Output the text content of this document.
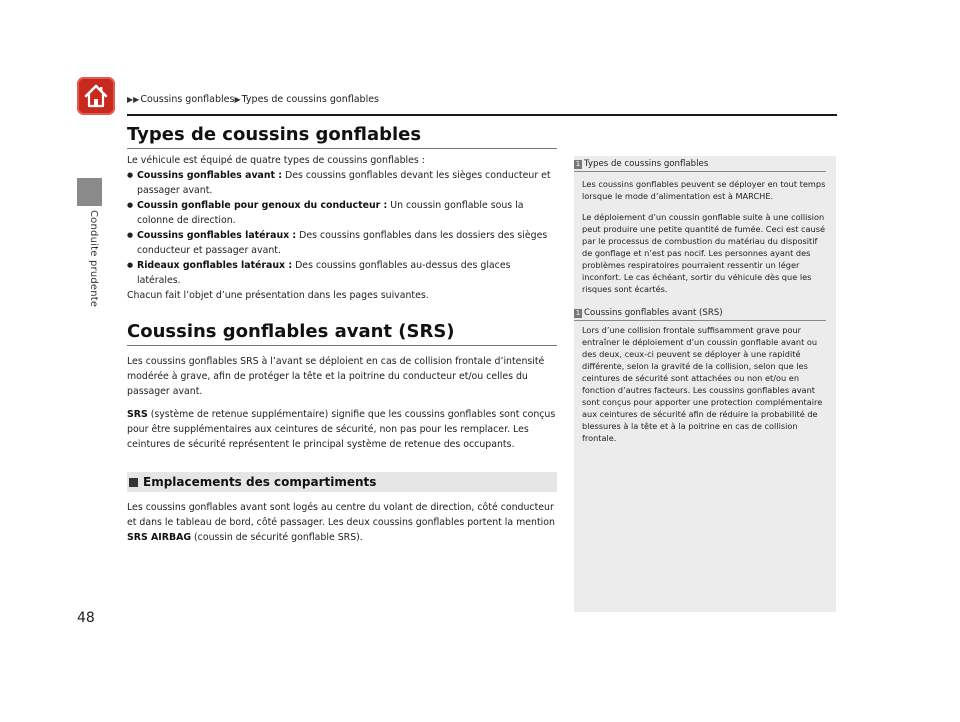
Conduite prudente
▶▶ Coussins gonflables ▶ Types de coussins gonflables
Types de coussins gonflables

Le véhicule est équipé de quatre types de coussins gonflables :

● Coussins gonflables avant : Des coussins gonflables devant les sièges conducteur et passager avant.
● Coussin gonflable pour genoux du conducteur : Un coussin gonflable sous la colonne de direction.
● Coussins gonflables latéraux : Des coussins gonflables dans les dossiers des sièges conducteur et passager avant.
● Rideaux gonflables latéraux : Des coussins gonflables au-dessus des glaces latérales.

Chacun fait l’objet d’une présentation dans les pages suivantes.

Coussins gonflables avant (SRS)

Les coussins gonflables SRS à l’avant se déploient en cas de collision frontale d’intensité modérée à grave, afin de protéger la tête et la poitrine du conducteur et/ou celles du passager avant.

SRS (système de retenue supplémentaire) signifie que les coussins gonflables sont conçus pour être supplémentaires aux ceintures de sécurité, non pas pour les remplacer. Les ceintures de sécurité représentent le principal système de retenue des occupants.

Emplacements des compartiments

Les coussins gonflables avant sont logés au centre du volant de direction, côté conducteur et dans le tableau de bord, côté passager. Les deux coussins gonflables portent la mention SRS AIRBAG (coussin de sécurité gonflable SRS).

1 Types de coussins gonflables

Les coussins gonflables peuvent se déployer en tout temps lorsque le mode d’alimentation est à MARCHE.

Le déploiement d’un coussin gonflable suite à une collision peut produire une petite quantité de fumée. Ceci est causé par le processus de combustion du matériau du dispositif de gonflage et n’est pas nocif. Les personnes ayant des problèmes respiratoires pourraient ressentir un léger inconfort. Le cas échéant, sortir du véhicule dès que les risques sont écartés.

1 Coussins gonflables avant (SRS)

Lors d’une collision frontale suffisamment grave pour entraîner le déploiement d’un coussin gonflable avant ou des deux, ceux-ci peuvent se déployer à une rapidité différente, selon la gravité de la collision, selon que les ceintures de sécurité sont attachées ou non et/ou en fonction d’autres facteurs. Les coussins gonflables avant sont conçus pour apporter une protection complémentaire aux ceintures de sécurité afin de réduire la probabilité de blessures à la tête et à la poitrine en cas de collision frontale.

48
